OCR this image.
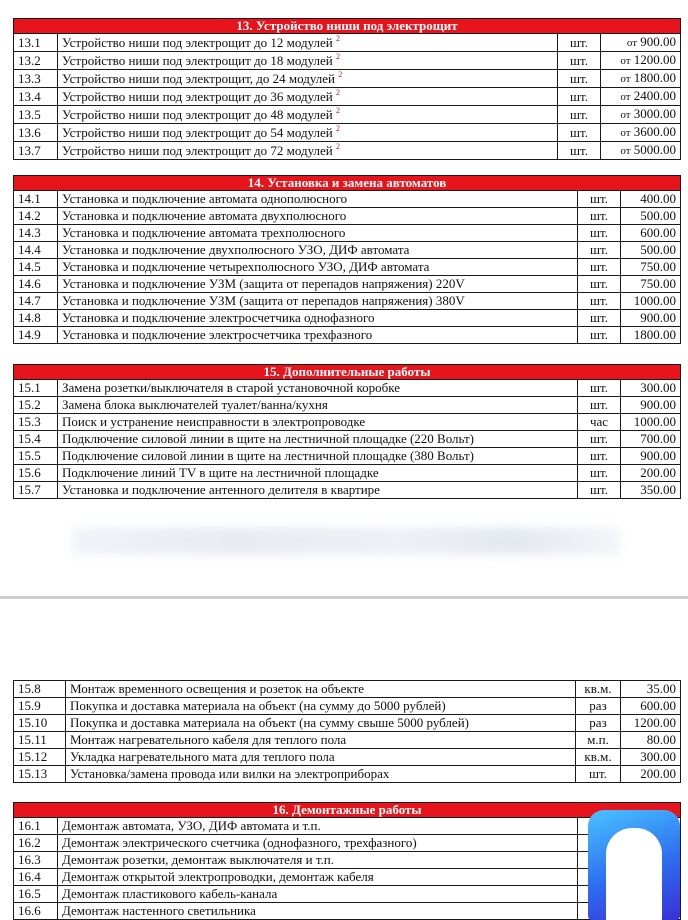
13. Устройство ниши под электрощит			
13.1	Устройство ниши под электрощит до 12 модулей $^2$	шт.	от 900.00
13.2	Устройство ниши под электрощит до 18 модулей $^2$	шт.	от 1200.00
13.3	Устройство ниши под электрощит, до 24 модулей $^2$	шт.	от 1800.00
13.4	Устройство ниши под электрощит до 36 модулей $^2$	шт.	от 2400.00
13.5	Устройство ниши под электрощит до 48 модулей $^2$	шт.	от 3000.00
13.6	Устройство ниши под электрощит до 54 модулей $^2$	шт.	от 3600.00
13.7	Устройство ниши под электрощит до 72 модулей $^2$	шт.	от 5000.00
14. Установка и замена автоматов			
14.1	Установка и подключение автомата однополюсного	шт.	400.00
14.2	Установка и подключение автомата двухполюсного	шт.	500.00
14.3	Установка и подключение автомата трехполюсного	шт.	600.00
14.4	Установка и подключение двухполюсного УЗО, ДИФ автомата	шт.	500.00
14.5	Установка и подключение четырехполюсного УЗО, ДИФ автомата	шт.	750.00
14.6	Установка и подключение УЗМ (защита от перепадов напряжения) 220V	шт.	750.00
14.7	Установка и подключение УЗМ (защита от перепадов напряжения) 380V	шт.	1000.00
14.8	Установка и подключение электросчетчика однофазного	шт.	900.00
14.9	Установка и подключение электросчетчика трехфазного	шт.	1800.00
15. Дополнительные работы			
15.1	Замена розетки/выключателя в старой установочной коробке	шт.	300.00
15.2	Замена блока выключателей туалет/ванна/кухня	шт.	900.00
15.3	Поиск и устранение неисправности в электропроводке	час	1000.00
15.4	Подключение силовой линии в щите на лестничной площадке (220 Вольт)	шт.	700.00
15.5	Подключение силовой линии в щите на лестничной площадке (380 Вольт)	шт.	900.00
15.6	Подключение линий TV в щите на лестничной площадке	шт.	200.00
15.7	Установка и подключение антенного делителя в квартире	шт.	350.00
15.8	Монтаж временного освещения и розеток на объекте	кв.м.	35.00
15.9	Покупка и доставка материала на объект (на сумму до 5000 рублей)	раз	600.00
15.10	Покупка и доставка материала на объект (на сумму свыше 5000 рублей)	раз	1200.00
15.11	Монтаж нагревательного кабеля для теплого пола	м.п.	80.00
15.12	Укладка нагревательного мата для теплого пола	кв.м.	300.00
15.13	Установка/замена провода или вилки на электроприборах	шт.	200.00
16. Демонтажные работы			
16.1	Демонтаж автомата, УЗО, ДИФ автомата и т.п.		
16.2	Демонтаж электрического счетчика (однофазного, трехфазного)		
16.3	Демонтаж розетки, демонтаж выключателя и т.п.		
16.4	Демонтаж открытой электропроводки, демонтаж кабеля		
16.5	Демонтаж пластикового кабель-канала		
16.6	Демонтаж настенного светильника		
